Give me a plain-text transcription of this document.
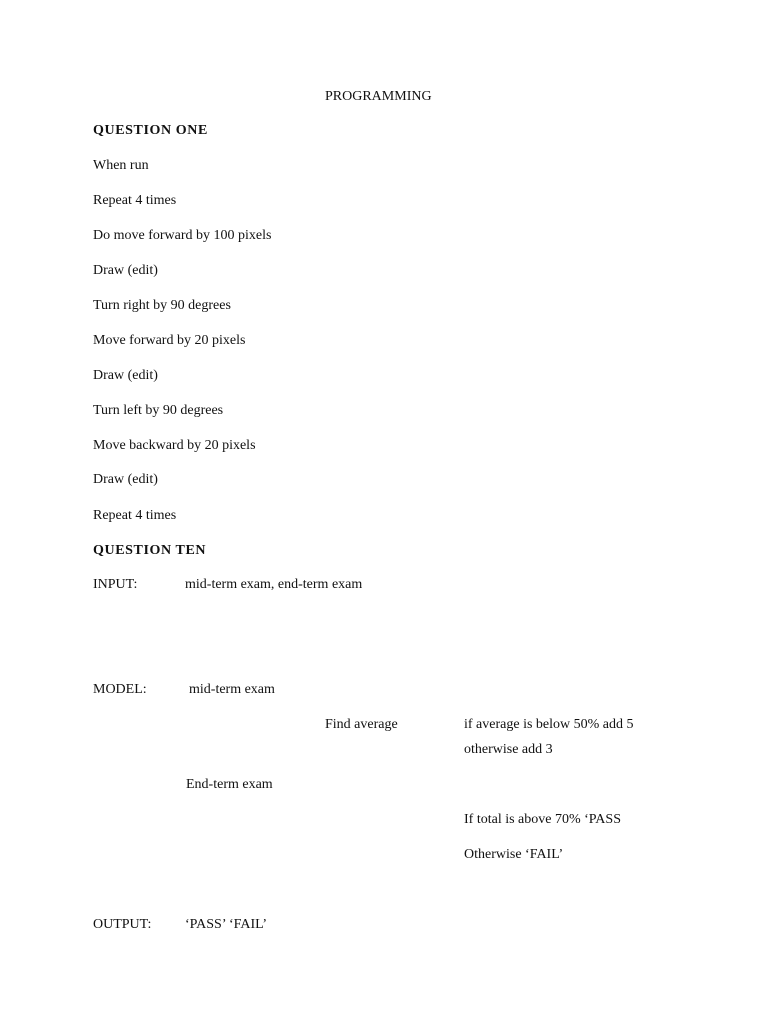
PROGRAMMING
QUESTION ONE
When run
Repeat 4 times
Do move forward by 100 pixels
Draw (edit)
Turn right by 90 degrees
Move forward by 20 pixels
Draw (edit)
Turn left by 90 degrees
Move backward by 20 pixels
Draw (edit)
Repeat 4 times
QUESTION TEN
INPUT:	mid-term exam, end-term exam
MODEL:	mid-term exam
Find average	if average is below 50% add 5
otherwise add 3
End-term exam
If total is above 70% ‘PASS
Otherwise ‘FAIL’
OUTPUT: ‘PASS’ ‘FAIL’
